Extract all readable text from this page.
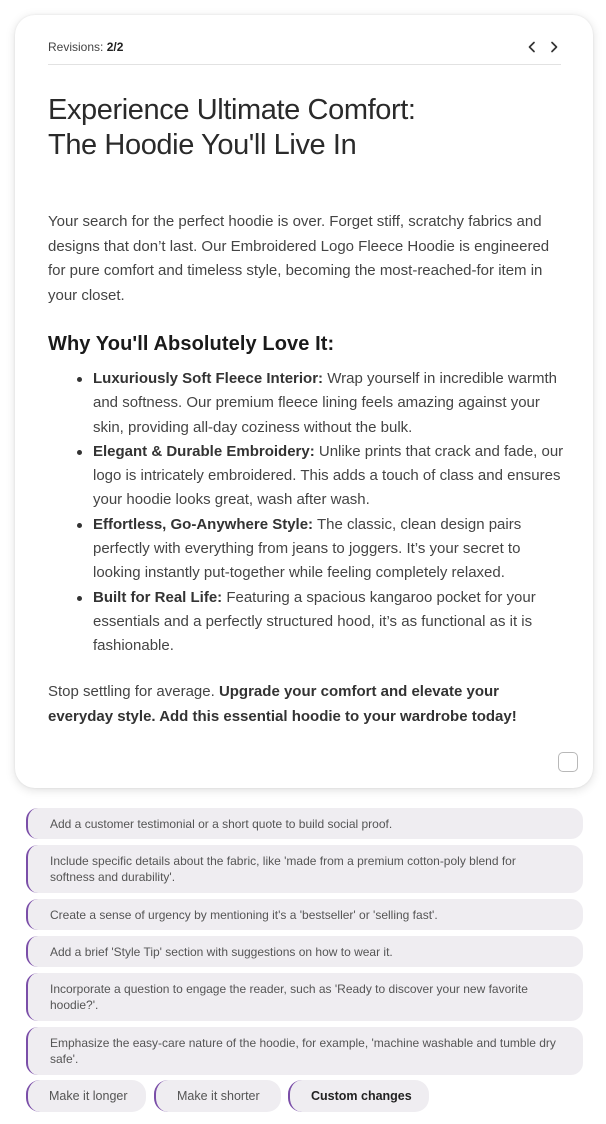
Revisions: 2/2
Experience Ultimate Comfort:
The Hoodie You'll Live In

Your search for the perfect hoodie is over. Forget stiff, scratchy fabrics and designs that don’t last. Our Embroidered Logo Fleece Hoodie is engineered for pure comfort and timeless style, becoming the most-reached-for item in your closet.

Why You'll Absolutely Love It:
Luxuriously Soft Fleece Interior: Wrap yourself in incredible warmth and softness. Our premium fleece lining feels amazing against your skin, providing all-day coziness without the bulk.
Elegant & Durable Embroidery: Unlike prints that crack and fade, our logo is intricately embroidered. This adds a touch of class and ensures your hoodie looks great, wash after wash.
Effortless, Go-Anywhere Style: The classic, clean design pairs perfectly with everything from jeans to joggers. It’s your secret to looking instantly put-together while feeling completely relaxed.
Built for Real Life: Featuring a spacious kangaroo pocket for your essentials and a perfectly structured hood, it’s as functional as it is fashionable.

Stop settling for average. Upgrade your comfort and elevate your everyday style. Add this essential hoodie to your wardrobe today!

Add a customer testimonial or a short quote to build social proof.
Include specific details about the fabric, like 'made from a premium cotton-poly blend for softness and durability'.
Create a sense of urgency by mentioning it's a 'bestseller' or 'selling fast'.
Add a brief 'Style Tip' section with suggestions on how to wear it.
Incorporate a question to engage the reader, such as 'Ready to discover your new favorite hoodie?'.
Emphasize the easy-care nature of the hoodie, for example, 'machine washable and tumble dry safe'.
Make it longer	Make it shorter	Custom changes
